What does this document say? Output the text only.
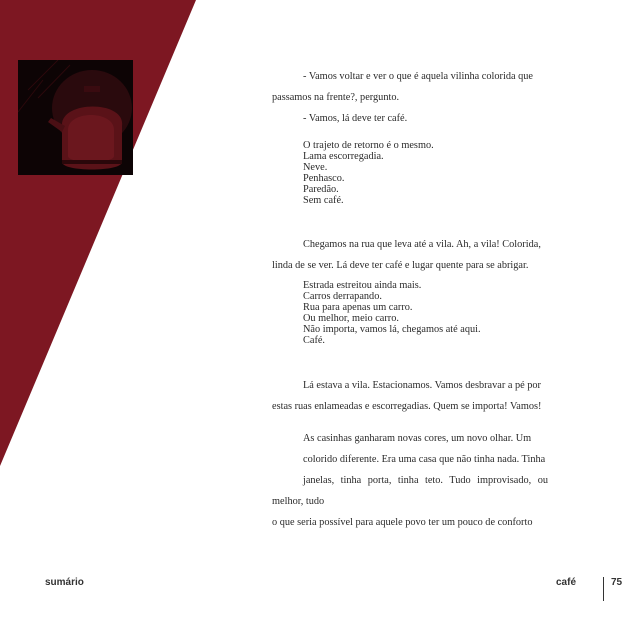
- Vamos voltar e ver o que é aquela vilinha colorida que
passamos na frente?, pergunto.

- Vamos, lá deve ter café.

O trajeto de retorno é o mesmo.
Lama escorregadia.
Neve.
Penhasco.
Paredão.
Sem café.

Chegamos na rua que leva até a vila. Ah, a vila! Colorida,
linda de se ver. Lá deve ter café e lugar quente para se abrigar.

Estrada estreitou ainda mais.
Carros derrapando.
Rua para apenas um carro.
Ou melhor, meio carro.
Não importa, vamos lá, chegamos até aqui.
Café.

Lá estava a vila. Estacionamos. Vamos desbravar a pé por
estas ruas enlameadas e escorregadias. Quem se importa! Vamos!

As casinhas ganharam novas cores, um novo olhar. Um
colorido diferente. Era uma casa que não tinha nada. Tinha
janelas, tinha porta, tinha teto. Tudo improvisado, ou melhor, tudo
o que seria possível para aquele povo ter um pouco de conforto

sumário	café	75
